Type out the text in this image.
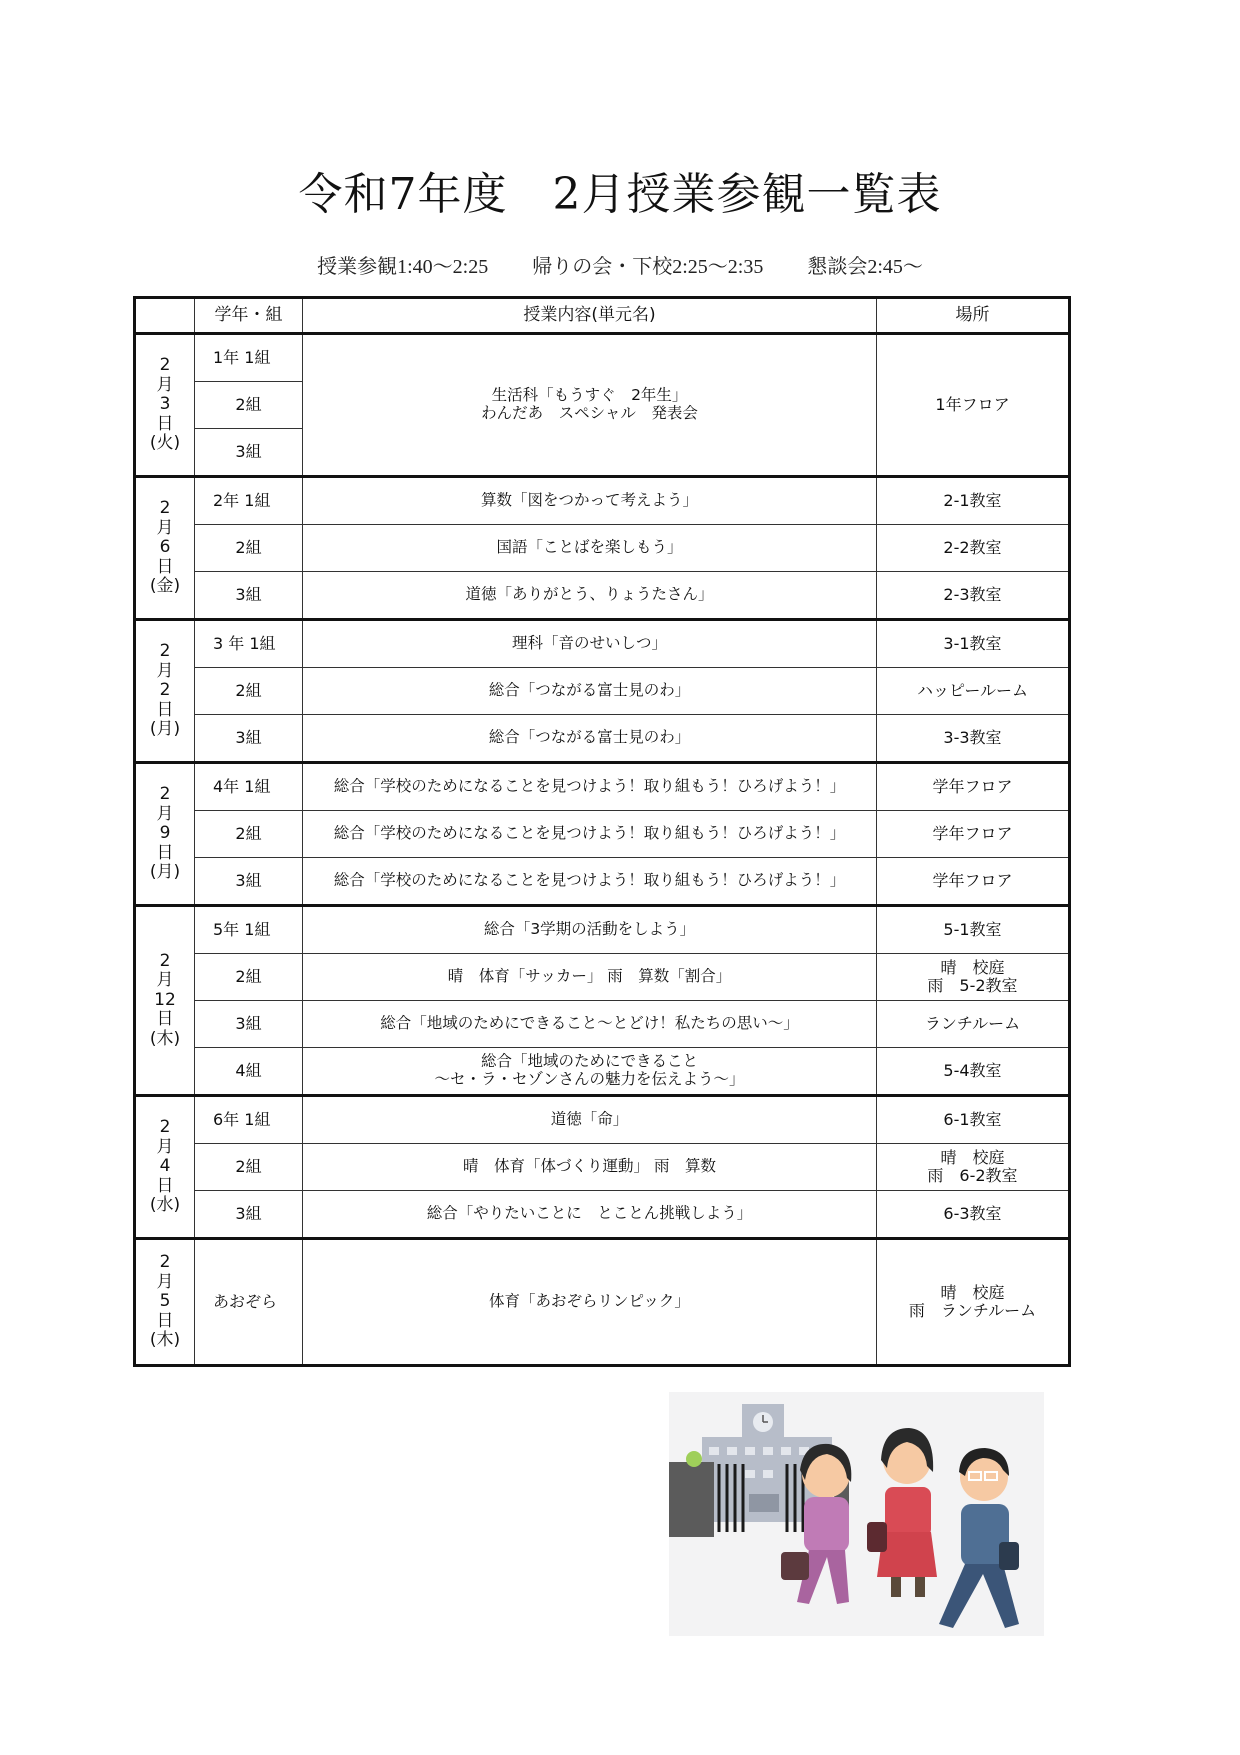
令和7年度　2月授業参観一覧表
授業参観1:40～2:25 帰りの会・下校2:25～2:35 懇談会2:45～
	学年・組	授業内容(単元名)	場所

2
月
3
日
(火)	1年 1組	生活科「もうすぐ　2年生」
わんだあ　スペシャル　発表会	1年フロア

	2組		
	3組		

2
月
6
日
(金)	2年 1組	算数「図をつかって考えよう」	2-1教室

	2組	国語「ことばを楽しもう」	2-2教室

	3組	道徳「ありがとう、りょうたさん」	2-3教室

2
月
2
日
(月)	3 年 1組	理科「音のせいしつ」	3-1教室

	2組	総合「つながる富士見のわ」	ハッピールーム

	3組	総合「つながる富士見のわ」	3-3教室

2
月
9
日
(月)	4年 1組	総合「学校のためになることを見つけよう！取り組もう！ひろげよう！」	学年フロア

	2組	総合「学校のためになることを見つけよう！取り組もう！ひろげよう！」	学年フロア

	3組	総合「学校のためになることを見つけよう！取り組もう！ひろげよう！」	学年フロア

2
月
12
日
(木)	5年 1組	総合「3学期の活動をしよう」	5-1教室

	2組	晴　体育「サッカー」 雨　算数「割合」	晴　校庭
雨　5-2教室

	3組	総合「地域のためにできること～とどけ！私たちの思い～」	ランチルーム

	4組	総合「地域のためにできること
～セ・ラ・セゾンさんの魅力を伝えよう～」	5-4教室

2
月
4
日
(水)	6年 1組	道徳「命」	6-1教室

	2組	晴　体育「体づくり運動」 雨　算数	晴　校庭
雨　6-2教室

	3組	総合「やりたいことに　とことん挑戦しよう」	6-3教室

2
月
5
日
(木)	あおぞら	体育「あおぞらリンピック」	晴　校庭
雨　ランチルーム
